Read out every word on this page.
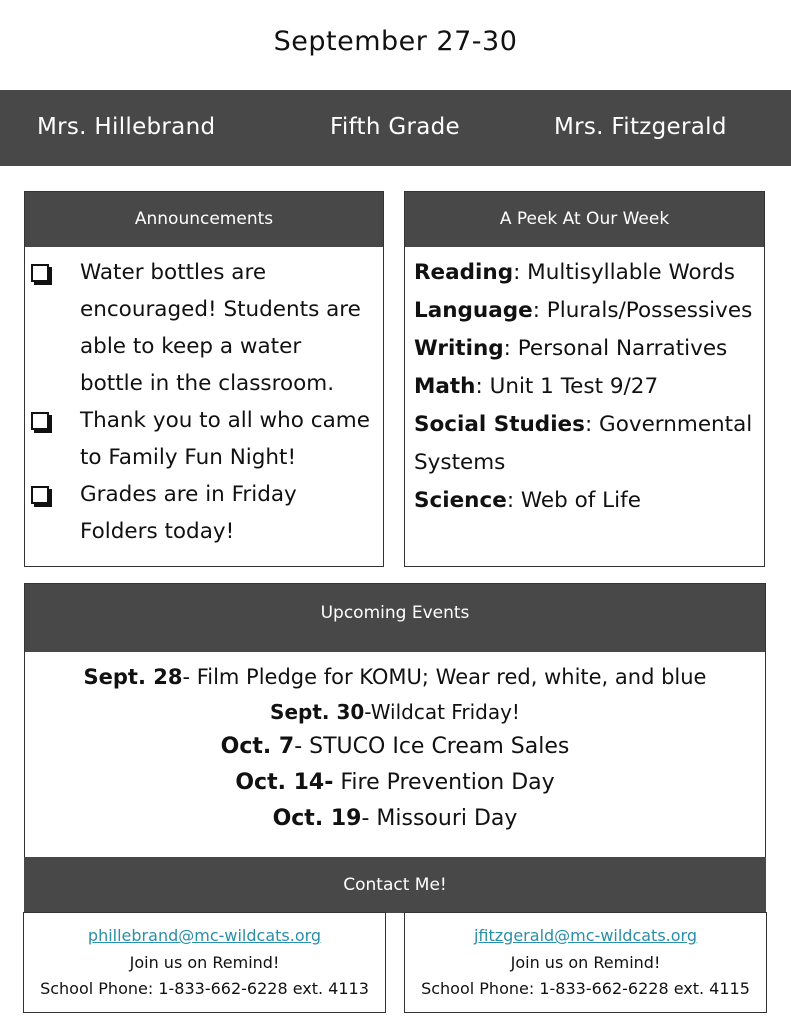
September 27-30
Mrs. Hillebrand	Fifth Grade	Mrs. Fitzgerald
Announcements
Water bottles are encouraged! Students are able to keep a water bottle in the classroom.
Thank you to all who came to Family Fun Night!
Grades are in Friday Folders today!
A Peek At Our Week
Reading: Multisyllable Words
Language: Plurals/Possessives
Writing: Personal Narratives
Math: Unit 1 Test 9/27
Social Studies: Governmental Systems
Science: Web of Life
Upcoming Events
Sept. 28- Film Pledge for KOMU; Wear red, white, and blue
Sept. 30-Wildcat Friday!
Oct. 7- STUCO Ice Cream Sales
Oct. 14- Fire Prevention Day
Oct. 19- Missouri Day
Contact Me!
phillebrand@mc-wildcats.org
Join us on Remind!
School Phone: 1-833-662-6228 ext. 4113
jfitzgerald@mc-wildcats.org
Join us on Remind!
School Phone: 1-833-662-6228 ext. 4115
